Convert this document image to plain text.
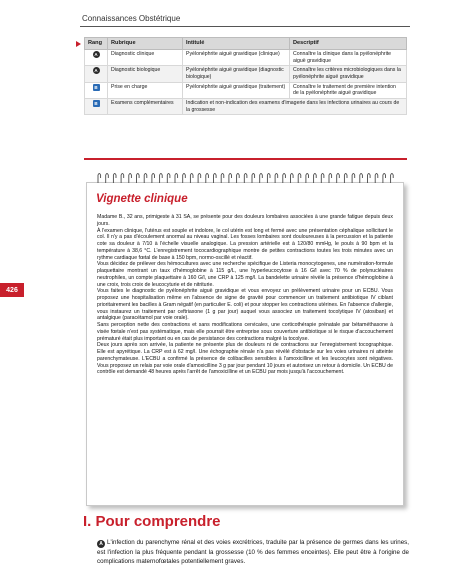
Connaissances Obstétrique
426
Rang	Rubrique	Intitulé	Descriptif
A	Diagnostic clinique	Pyélonéphrite aiguë gravidique (clinique)	Connaître la clinique dans la pyélonéphrite aiguë gravidique
A	Diagnostic biologique	Pyélonéphrite aiguë gravidique (diagnostic biologique)	Connaître les critères microbiologiques dans la pyélonéphrite aiguë gravidique
B	Prise en charge	Pyélonéphrite aiguë gravidique (traitement)	Connaître le traitement de première intention de la pyélonéphrite aiguë gravidique
B	Examens complémentaires	Indication et non-indication des examens d'imagerie dans les infections urinaires au cours de la grossesse	
Vignette clinique

Madame B., 32 ans, primigeste à 31 SA, se présente pour des douleurs lombaires associées à une grande fatigue depuis deux jours.

À l'examen clinique, l'utérus est souple et indolore, le col utérin est long et fermé avec une présentation céphalique sollicitant le col. Il n'y a pas d'écoulement anormal au niveau vaginal. Les fosses lombaires sont douloureuses à la percussion et la patiente cote sa douleur à 7/10 à l'échelle visuelle analogique. La pression artérielle est à 120/80 mmHg, le pouls à 90 bpm et la température à 38,6 °C. L'enregistrement tococardiographique montre de petites contractions toutes les trois minutes avec un rythme cardiaque fœtal de base à 150 bpm, normo-oscillé et réactif.

Vous décidez de prélever des hémocultures avec une recherche spécifique de Listeria monocytogenes, une numération-formule plaquettaire montrant un taux d'hémoglobine à 115 g/L, une hyperleucocytose à 16 G/l avec 70 % de polynucléaires neutrophiles, un compte plaquettaire à 160 G/l, une CRP à 125 mg/l. La bandelette urinaire révèle la présence d'hémoglobine à une croix, trois croix de leucocyturie et de nitriturie.

Vous faites le diagnostic de pyélonéphrite aiguë gravidique et vous envoyez un prélèvement urinaire pour un ECBU. Vous proposez une hospitalisation même en l'absence de signe de gravité pour commencer un traitement antibiotique IV ciblant prioritairement les bacilles à Gram négatif (en particulier E. coli) et pour stopper les contractions utérines. En l'absence d'allergie, vous instaurez un traitement par ceftriaxone (1 g par jour) auquel vous associez un traitement tocolytique IV (atosiban) et antalgique (paracétamol par voie orale).

Sans perception nette des contractions et sans modifications cervicales, une corticothérapie prénatale par bétaméthasone à visée fœtale n'est pas systématique, mais elle pourrait être entreprise sous couverture antibiotique si le risque d'accouchement prématuré était plus important ou en cas de persistance des contractions malgré la tocolyse.

Deux jours après son arrivée, la patiente ne présente plus de douleurs ni de contractions sur l'enregistrement tocographique. Elle est apyrétique. La CRP est à 62 mg/l. Une échographie rénale n'a pas révélé d'obstacle sur les voies urinaires ni atteinte parenchymateuse. L'ECBU a confirmé la présence de colibacilles sensibles à l'amoxicilline et les leucocytes sont négatives. Vous proposez un relais par voie orale d'amoxicilline 3 g par jour pendant 10 jours et autorisez un retour à domicile. Un ECBU de contrôle est demandé 48 heures après l'arrêt de l'amoxicilline et un ECBU par mois jusqu'à l'accouchement.

I. Pour comprendre
A L'infection du parenchyme rénal et des voies excrétrices, traduite par la présence de germes dans les urines, est l'infection la plus fréquente pendant la grossesse (10 % des femmes enceintes). Elle peut être à l'origine de complications maternofœtales potentiellement graves.
